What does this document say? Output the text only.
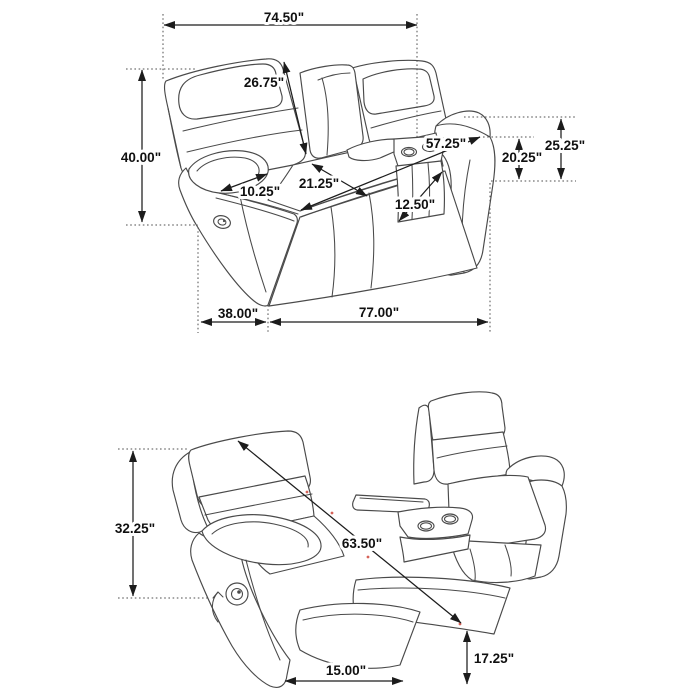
74.50"
26.75"
40.00"
10.25"
21.25"
57.25"
12.50"
20.25"
25.25"
38.00"	77.00"
32.25"
63.50"
15.00"
17.25"
